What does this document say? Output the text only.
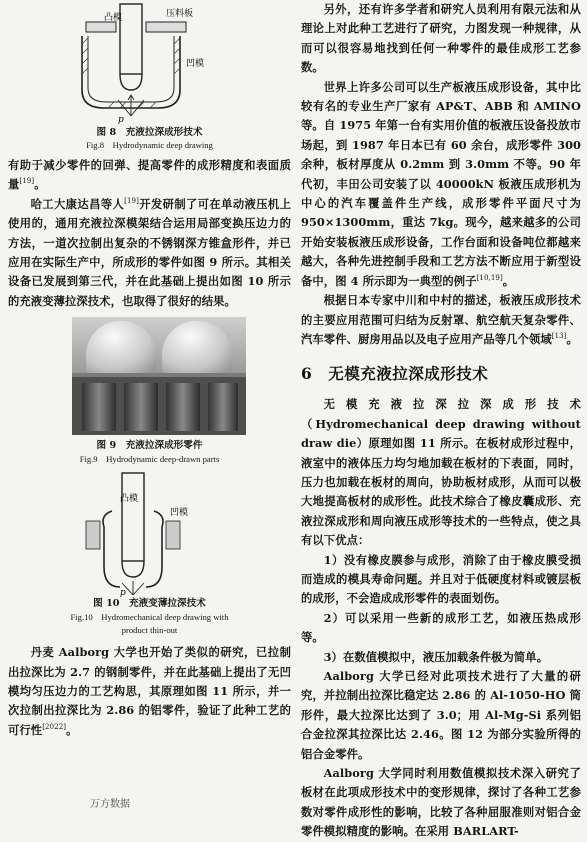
凸模	压料板
凹模
p

图 8　充液拉深成形技术

Fig.8　Hydrodynamic deep drawing

有助于减少零件的回弹、提高零件的成形精度和表面质量[19]。

哈工大康达昌等人[19]开发研制了可在单动液压机上使用的，通用充液拉深模架结合运用局部变换压边力的方法，一道次拉制出复杂的不锈钢深方锥盒形件，并已应用在实际生产中，所成形的零件如图 9 所示。其相关设备已发展到第三代，并在此基础上提出如图 10 所示的充液变薄拉深技术，也取得了很好的结果。

图 9　充液拉深成形零件

Fig.9　Hydrodynamic deep-drawn parts

凸模
凹模
p

图 10　充液变薄拉深技术

Fig.10　Hydromechanical deep drawing with

product thin-out

丹麦 Aalborg 大学也开始了类似的研究，已拉制出拉深比为 2.7 的钢制零件，并在此基础上提出了无凹模均匀压边力的工艺构思，其原理如图 11 所示，并一次拉制出拉深比为 2.86 的铝零件，验证了此种工艺的可行性[2022]。

万方数据

另外，还有许多学者和研究人员利用有限元法和从理论上对此种工艺进行了研究，力图发现一种规律，从而可以很容易地找到任何一种零件的最佳成形工艺参数。

世界上许多公司可以生产板液压成形设备，其中比较有名的专业生产厂家有 AP&T、ABB 和 AMINO 等。自 1975 年第一台有实用价值的板液压设备投放市场起，到 1987 年日本已有 60 余台，成形零件 300 余种，板材厚度从 0.2mm 到 3.0mm 不等。90 年代初，丰田公司安装了以 40000kN 板液压成形机为中心的汽车覆盖件生产线，成形零件平面尺寸为 950×1300mm，重达 7kg。现今，越来越多的公司开始安装板液压成形设备，工作台面和设备吨位都越来越大，各种先进控制手段和工艺方法不断应用于新型设备中，图 4 所示即为一典型的例子[10,19]。

根据日本专家中川和中村的描述，板液压成形技术的主要应用范围可归结为反射罩、航空航天复杂零件、汽车零件、厨房用品以及电子应用产品等几个领域[13]。

6　无模充液拉深成形技术

无模充液拉深拉深成形技术（Hydromechanical deep drawing without draw die）原理如图 11 所示。在板材成形过程中，液室中的液体压力均匀地加载在板材的下表面，同时，压力也加载在板材的周向，协助板材成形，从而可以极大地提高板材的成形性。此技术综合了橡皮囊成形、充液拉深成形和周向液压成形等技术的一些特点，使之具有以下优点：

1）没有橡皮膜参与成形，消除了由于橡皮膜受损而造成的模具寿命问题。并且对于低硬度材料或镀层板的成形，不会造成成形零件的表面划伤。

2）可以采用一些新的成形工艺，如液压热成形等。

3）在数值模拟中，液压加载条件极为简单。

Aalborg 大学已经对此项技术进行了大量的研究，并拉制出拉深比稳定达 2.86 的 Al-1050-HO 筒形件，最大拉深比达到了 3.0；用 Al-Mg-Si 系列铝合金拉深其拉深比达 2.46。图 12 为部分实验所得的铝合金零件。

Aalborg 大学同时利用数值模拟技术深入研究了板材在此项成形技术中的变形规律，探讨了各种工艺参数对零件成形性的影响，比较了各种屈服准则对铝合金零件模拟精度的影响。在采用 BARLART-
